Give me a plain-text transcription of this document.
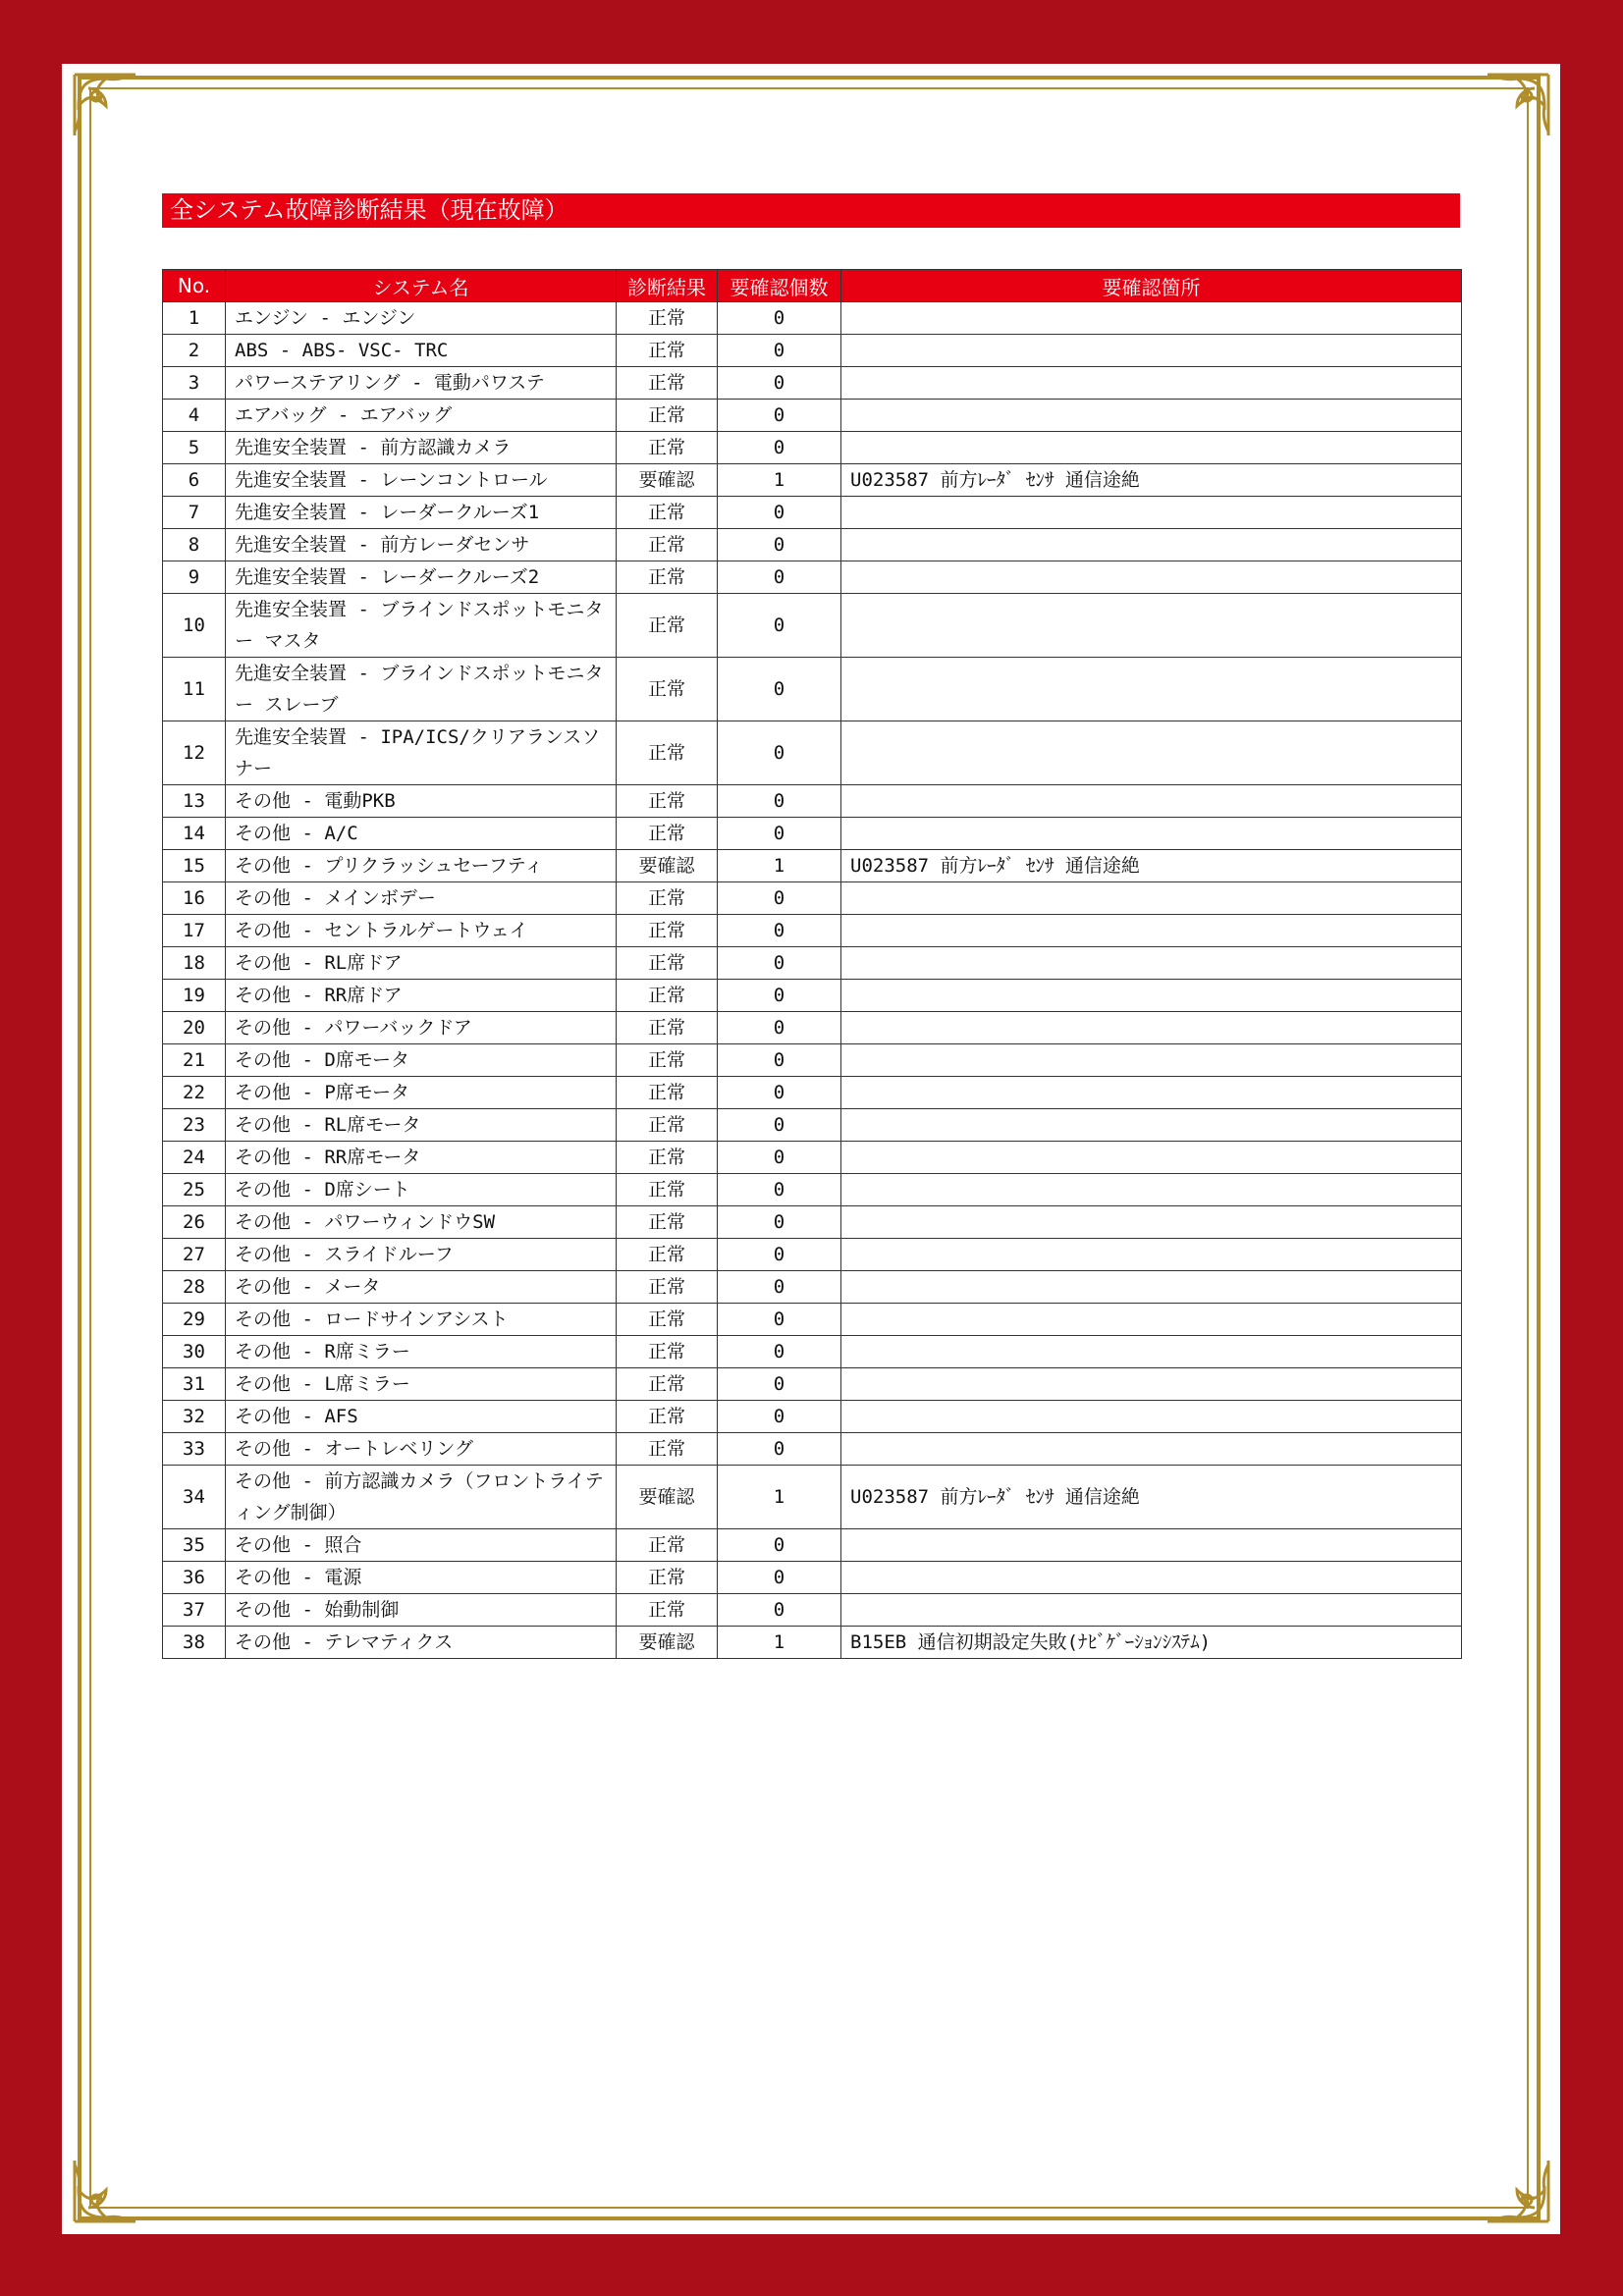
全システム故障診断結果（現在故障）
No.	システム名	診断結果	要確認個数	要確認箇所
1	エンジン - エンジン	正常	0	
2	ABS - ABS- VSC- TRC	正常	0	
3	パワーステアリング - 電動パワステ	正常	0	
4	エアバッグ - エアバッグ	正常	0	
5	先進安全装置 - 前方認識カメラ	正常	0	
6	先進安全装置 - レーンコントロール	要確認	1	U023587 前方ﾚｰﾀﾞ ｾﾝｻ 通信途絶
7	先進安全装置 - レーダークルーズ1	正常	0	
8	先進安全装置 - 前方レーダセンサ	正常	0	
9	先進安全装置 - レーダークルーズ2	正常	0	
10	先進安全装置 - ブラインドスポットモニター マスタ	正常	0	
11	先進安全装置 - ブラインドスポットモニター スレーブ	正常	0	
12	先進安全装置 - IPA/ICS/クリアランスソナー	正常	0	
13	その他 - 電動PKB	正常	0	
14	その他 - A/C	正常	0	
15	その他 - プリクラッシュセーフティ	要確認	1	U023587 前方ﾚｰﾀﾞ ｾﾝｻ 通信途絶
16	その他 - メインボデー	正常	0	
17	その他 - セントラルゲートウェイ	正常	0	
18	その他 - RL席ドア	正常	0	
19	その他 - RR席ドア	正常	0	
20	その他 - パワーバックドア	正常	0	
21	その他 - D席モータ	正常	0	
22	その他 - P席モータ	正常	0	
23	その他 - RL席モータ	正常	0	
24	その他 - RR席モータ	正常	0	
25	その他 - D席シート	正常	0	
26	その他 - パワーウィンドウSW	正常	0	
27	その他 - スライドルーフ	正常	0	
28	その他 - メータ	正常	0	
29	その他 - ロードサインアシスト	正常	0	
30	その他 - R席ミラー	正常	0	
31	その他 - L席ミラー	正常	0	
32	その他 - AFS	正常	0	
33	その他 - オートレベリング	正常	0	
34	その他 - 前方認識カメラ（フロントライティング制御）	要確認	1	U023587 前方ﾚｰﾀﾞ ｾﾝｻ 通信途絶
35	その他 - 照合	正常	0	
36	その他 - 電源	正常	0	
37	その他 - 始動制御	正常	0	
38	その他 - テレマティクス	要確認	1	B15EB 通信初期設定失敗(ﾅﾋﾞｹﾞｰｼｮﾝｼｽﾃﾑ)
